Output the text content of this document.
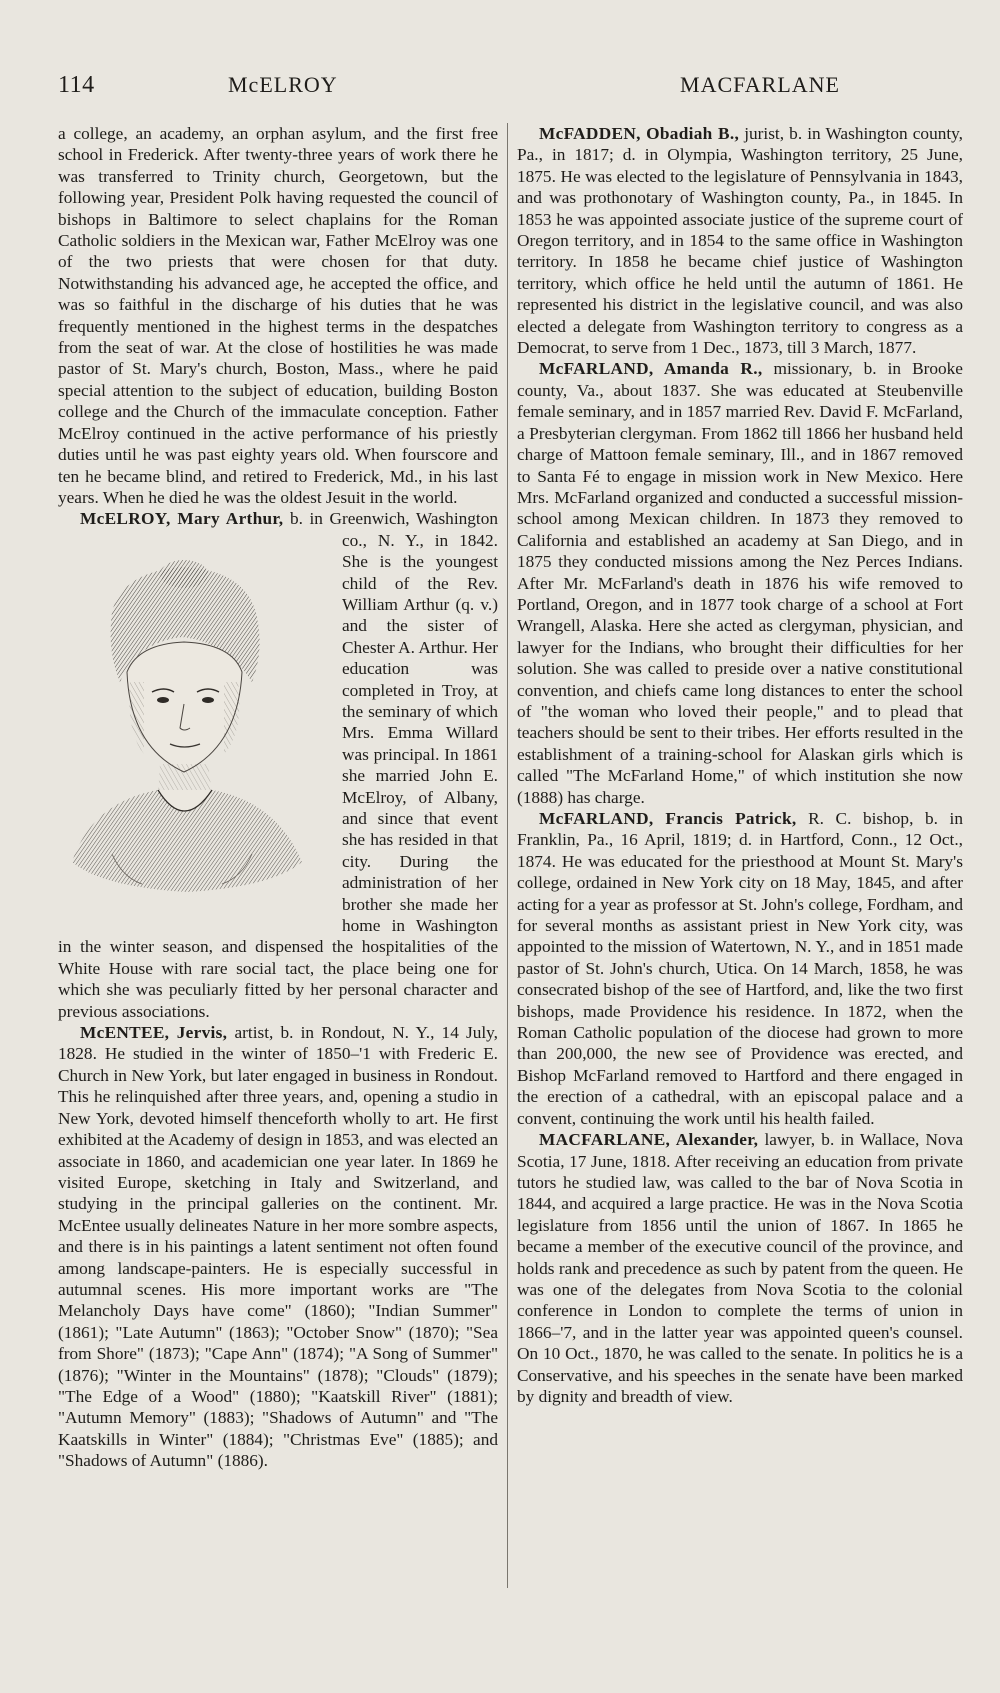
114	McELROY	MACFARLANE

a college, an academy, an orphan asylum, and the first free school in Frederick. After twenty-three years of work there he was transferred to Trinity church, Georgetown, but the following year, President Polk having requested the council of bishops in Baltimore to select chaplains for the Roman Catholic soldiers in the Mexican war, Father McElroy was one of the two priests that were chosen for that duty. Notwithstanding his advanced age, he accepted the office, and was so faithful in the discharge of his duties that he was frequently mentioned in the highest terms in the despatches from the seat of war. At the close of hostilities he was made pastor of St. Mary's church, Boston, Mass., where he paid special attention to the subject of education, building Boston college and the Church of the immaculate conception. Father McElroy continued in the active performance of his priestly duties until he was past eighty years old. When fourscore and ten he became blind, and retired to Frederick, Md., in his last years. When he died he was the oldest Jesuit in the world.

McELROY, Mary Arthur,
b. in Greenwich, Washington co., N. Y., in 1842. She is the youngest child of the Rev. William Arthur (q. v.) and the sister of Chester A. Arthur. Her education was completed in Troy, at the seminary of which Mrs. Emma Willard was principal. In 1861 she married John E. McElroy, of Albany, and since that event she has resided in that city. During the administration of her brother she made her home in Washington in the winter season, and dispensed the hospitalities of the White House with rare social tact, the place being one for which she was peculiarly fitted by her personal character and previous associations.

McENTEE, Jervis, artist, b. in Rondout, N. Y., 14 July, 1828. He studied in the winter of 1850–'1 with Frederic E. Church in New York, but later engaged in business in Rondout. This he relinquished after three years, and, opening a studio in New York, devoted himself thenceforth wholly to art. He first exhibited at the Academy of design in 1853, and was elected an associate in 1860, and academician one year later. In 1869 he visited Europe, sketching in Italy and Switzerland, and studying in the principal galleries on the continent. Mr. McEntee usually delineates Nature in her more sombre aspects, and there is in his paintings a latent sentiment not often found among landscape-painters. He is especially successful in autumnal scenes. His more important works are "The Melancholy Days have come" (1860); "Indian Summer" (1861); "Late Autumn" (1863); "October Snow" (1870); "Sea from Shore" (1873); "Cape Ann" (1874); "A Song of Summer" (1876); "Winter in the Mountains" (1878); "Clouds" (1879); "The Edge of a Wood" (1880); "Kaatskill River" (1881); "Autumn Memory" (1883); "Shadows of Autumn" and "The Kaatskills in Winter" (1884); "Christmas Eve" (1885); and "Shadows of Autumn" (1886).

McFADDEN, Obadiah B., jurist, b. in Washington county, Pa., in 1817; d. in Olympia, Washington territory, 25 June, 1875. He was elected to the legislature of Pennsylvania in 1843, and was prothonotary of Washington county, Pa., in 1845. In 1853 he was appointed associate justice of the supreme court of Oregon territory, and in 1854 to the same office in Washington territory. In 1858 he became chief justice of Washington territory, which office he held until the autumn of 1861. He represented his district in the legislative council, and was also elected a delegate from Washington territory to congress as a Democrat, to serve from 1 Dec., 1873, till 3 March, 1877.

McFARLAND, Amanda R., missionary, b. in Brooke county, Va., about 1837. She was educated at Steubenville female seminary, and in 1857 married Rev. David F. McFarland, a Presbyterian clergyman. From 1862 till 1866 her husband held charge of Mattoon female seminary, Ill., and in 1867 removed to Santa Fé to engage in mission work in New Mexico. Here Mrs. McFarland organized and conducted a successful mission-school among Mexican children. In 1873 they removed to California and established an academy at San Diego, and in 1875 they conducted missions among the Nez Perces Indians. After Mr. McFarland's death in 1876 his wife removed to Portland, Oregon, and in 1877 took charge of a school at Fort Wrangell, Alaska. Here she acted as clergyman, physician, and lawyer for the Indians, who brought their difficulties for her solution. She was called to preside over a native constitutional convention, and chiefs came long distances to enter the school of "the woman who loved their people," and to plead that teachers should be sent to their tribes. Her efforts resulted in the establishment of a training-school for Alaskan girls which is called "The McFarland Home," of which institution she now (1888) has charge.

McFARLAND, Francis Patrick, R. C. bishop, b. in Franklin, Pa., 16 April, 1819; d. in Hartford, Conn., 12 Oct., 1874. He was educated for the priesthood at Mount St. Mary's college, ordained in New York city on 18 May, 1845, and after acting for a year as professor at St. John's college, Fordham, and for several months as assistant priest in New York city, was appointed to the mission of Watertown, N. Y., and in 1851 made pastor of St. John's church, Utica. On 14 March, 1858, he was consecrated bishop of the see of Hartford, and, like the two first bishops, made Providence his residence. In 1872, when the Roman Catholic population of the diocese had grown to more than 200,000, the new see of Providence was erected, and Bishop McFarland removed to Hartford and there engaged in the erection of a cathedral, with an episcopal palace and a convent, continuing the work until his health failed.

MACFARLANE, Alexander, lawyer, b. in Wallace, Nova Scotia, 17 June, 1818. After receiving an education from private tutors he studied law, was called to the bar of Nova Scotia in 1844, and acquired a large practice. He was in the Nova Scotia legislature from 1856 until the union of 1867. In 1865 he became a member of the executive council of the province, and holds rank and precedence as such by patent from the queen. He was one of the delegates from Nova Scotia to the colonial conference in London to complete the terms of union in 1866–'7, and in the latter year was appointed queen's counsel. On 10 Oct., 1870, he was called to the senate. In politics he is a Conservative, and his speeches in the senate have been marked by dignity and breadth of view.
